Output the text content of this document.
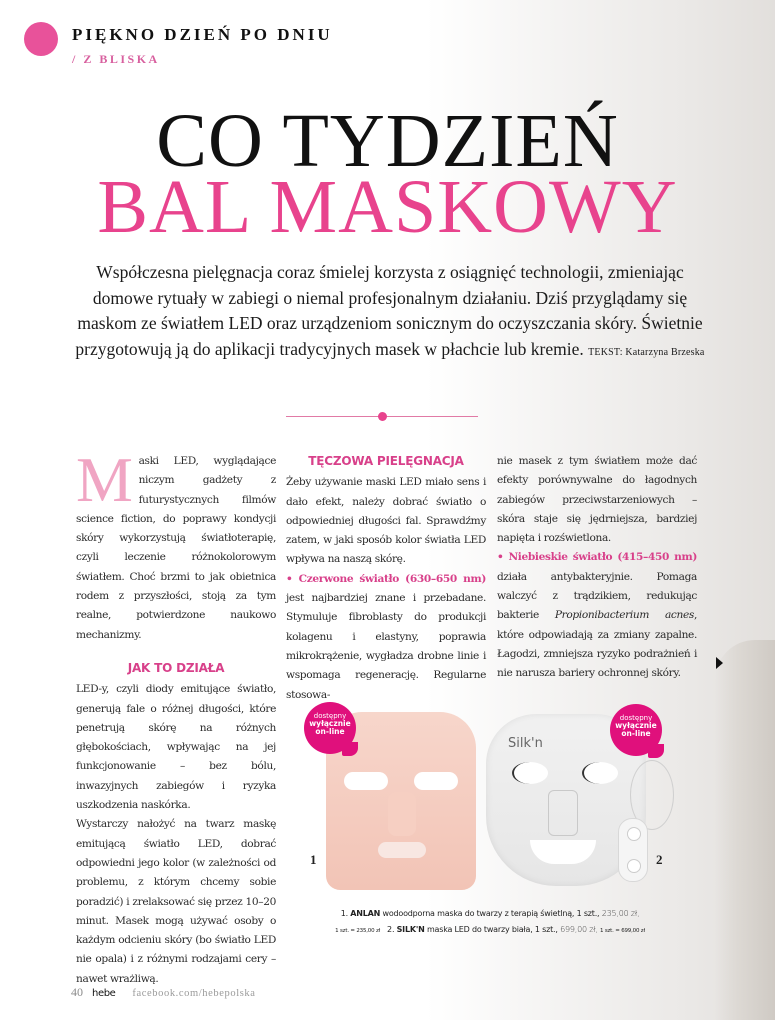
PIĘKNO DZIEŃ PO DNIU
/ Z BLISKA
CO TYDZIEŃ
BAL MASKOWY
Współczesna pielęgnacja coraz śmielej korzysta z osiągnięć technologii, zmieniając domowe rytuały w zabiegi o niemal profesjonalnym działaniu. Dziś przyglądamy się maskom ze światłem LED oraz urządzeniom sonicznym do oczyszczania skóry. Świetnie przygotowują ją do aplikacji tradycyjnych masek w płachcie lub kremie. TEKST: Katarzyna Brzeska
M aski LED, wyglądające niczym gadżety z futurystycznych filmów science fiction, do poprawy kondycji skóry wykorzystują światłoterapię, czyli leczenie różnokolorowym światłem. Choć brzmi to jak obietnica rodem z przyszłości, stoją za tym realne, potwierdzone naukowo mechanizmy.

JAK TO DZIAŁA

LED-y, czyli diody emitujące światło, generują fale o różnej długości, które penetrują skórę na różnych głębokościach, wpływając na jej funkcjonowanie – bez bólu, inwazyjnych zabiegów i ryzyka uszkodzenia naskórka.

Wystarczy nałożyć na twarz maskę emitującą światło LED, dobrać odpowiedni jego kolor (w zależności od problemu, z którym chcemy sobie poradzić) i zrelaksować się przez 10–20 minut. Masek mogą używać osoby o każdym odcieniu skóry (bo światło LED nie opala) i z różnymi rodzajami cery – nawet wrażliwą.

TĘCZOWA PIELĘGNACJA

Żeby używanie maski LED miało sens i dało efekt, należy dobrać światło o odpowiedniej długości fal. Sprawdźmy zatem, w jaki sposób kolor światła LED wpływa na naszą skórę.

• Czerwone światło (630–650 nm) jest najbardziej znane i przebadane. Stymuluje fibroblasty do produkcji kolagenu i elastyny, poprawia mikrokrążenie, wygładza drobne linie i wspomaga regenerację. Regularne stosowa-

nie masek z tym światłem może dać efekty porównywalne do łagodnych zabiegów przeciwstarzeniowych – skóra staje się jędrniejsza, bardziej napięta i rozświetlona.

• Niebieskie światło (415–450 nm) działa antybakteryjnie. Pomaga walczyć z trądzikiem, redukując bakterie Propionibacterium acnes, które odpowiadają za zmiany zapalne. Łagodzi, zmniejsza ryzyko podrażnień i nie narusza bariery ochronnej skóry.

Silk'n
dostępny
wyłącznie
on-line
dostępny
wyłącznie
on-line
1	2
1. ANLAN wodoodporna maska do twarzy z terapią świetlną, 1 szt., 235,00 zł,
1 szt. = 235,00 zł 2. SILK'N maska LED do twarzy biała, 1 szt., 699,00 zł, 1 szt. = 699,00 zł
40 hebe facebook.com/hebepolska
